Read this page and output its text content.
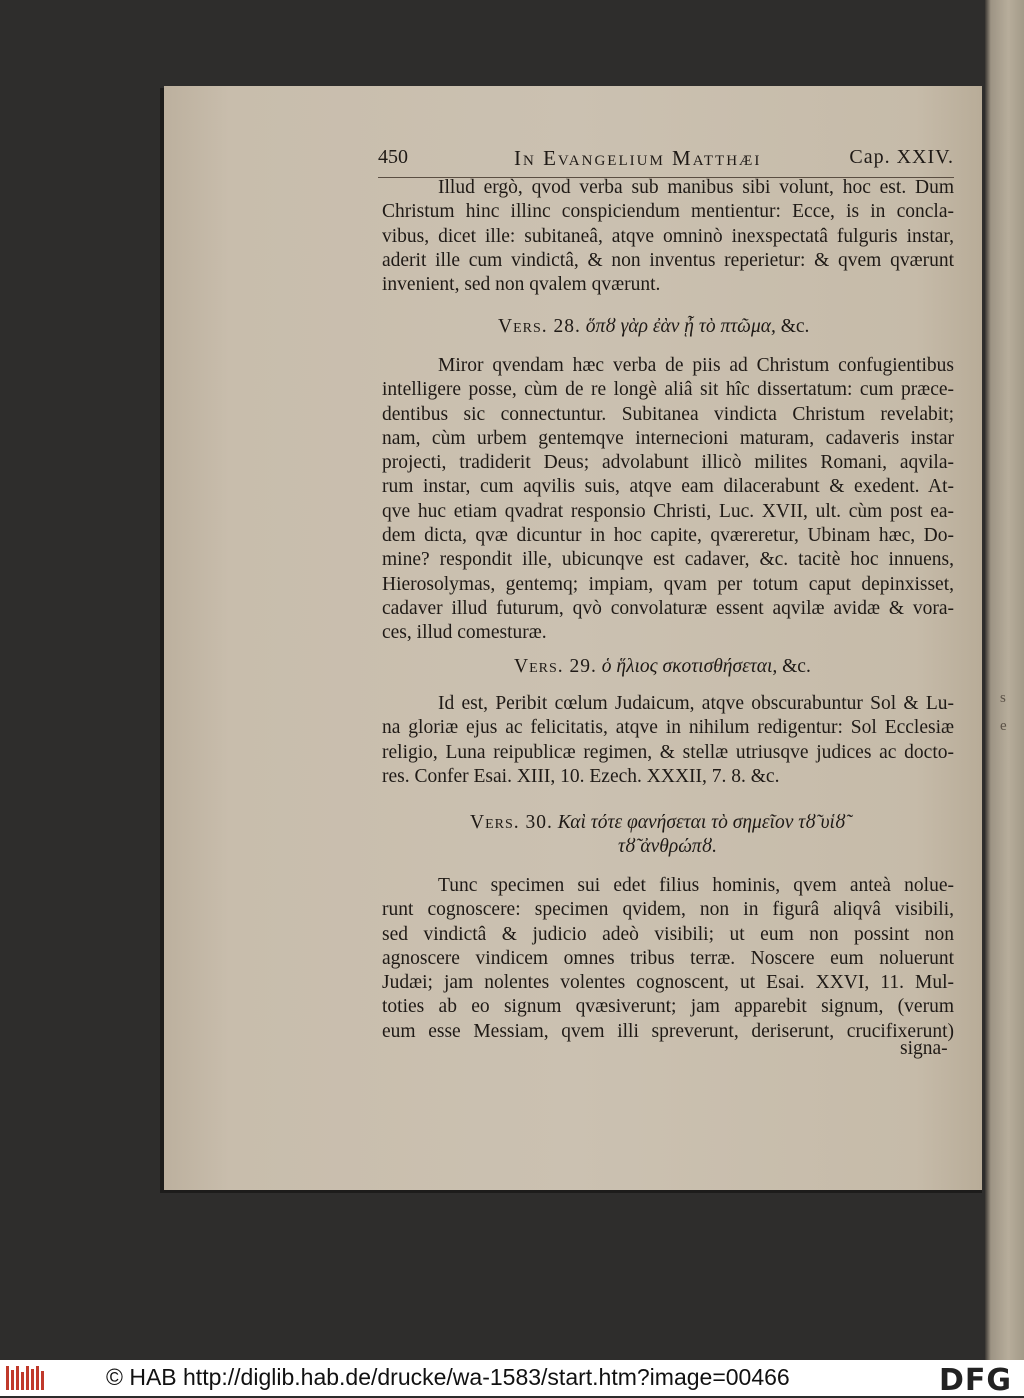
s
e
450	In Evangelium Matthæi	Cap. XXIV.
Illud ergò, qvod verba sub manibus sibi volunt, hoc est. Dum
Christum hinc illinc conspiciendum mentientur: Ecce, is in concla-
vibus, dicet ille: subitaneâ, atqve omninò inexspectatâ fulguris instar,
aderit ille cum vindictâ, & non inventus reperietur: & qvem qværunt
invenient, sed non qvalem qværunt.
Vers. 28. ὅπȣ γὰρ ἐὰν ᾖ τὸ πτῶμα, &c.
Miror qvendam hæc verba de piis ad Christum confugientibus
intelligere posse, cùm de re longè aliâ sit hîc dissertatum: cum præce-
dentibus sic connectuntur. Subitanea vindicta Christum revelabit;
nam, cùm urbem gentemqve internecioni maturam, cadaveris instar
projecti, tradiderit Deus; advolabunt illicò milites Romani, aqvila-
rum instar, cum aqvilis suis, atqve eam dilacerabunt & exedent. At-
qve huc etiam qvadrat responsio Christi, Luc. XVII, ult. cùm post ea-
dem dicta, qvæ dicuntur in hoc capite, qværeretur, Ubinam hæc, Do-
mine? respondit ille, ubicunqve est cadaver, &c. tacitè hoc innuens,
Hierosolymas, gentemq; impiam, qvam per totum caput depinxisset,
cadaver illud futurum, qvò convolaturæ essent aqvilæ avidæ & vora-
ces, illud comesturæ.
Vers. 29. ὁ ἥλιος σκοτισθήσεται, &c.
Id est, Peribit cœlum Judaicum, atqve obscurabuntur Sol & Lu-
na gloriæ ejus ac felicitatis, atqve in nihilum redigentur: Sol Ecclesiæ
religio, Luna reipublicæ regimen, & stellæ utriusqve judices ac docto-
res. Confer Esai. XIII, 10. Ezech. XXXII, 7. 8. &c.
Vers. 30. Καὶ τότε φανήσεται τὸ σημεῖον τȣ̃ υἱȣ̃
τȣ̃ ἀνθρώπȣ.
Tunc specimen sui edet filius hominis, qvem anteà nolue-
runt cognoscere: specimen qvidem, non in figurâ aliqvâ visibili,
sed vindictâ & judicio adeò visibili; ut eum non possint non
agnoscere vindicem omnes tribus terræ. Noscere eum noluerunt
Judæi; jam nolentes volentes cognoscent, ut Esai. XXVI, 11. Mul-
toties ab eo signum qvæsiverunt; jam apparebit signum, (verum
eum esse Messiam, qvem illi spreverunt, deriserunt, crucifixerunt)
signa-
© HAB http://diglib.hab.de/drucke/wa-1583/start.htm?image=00466	DFG
